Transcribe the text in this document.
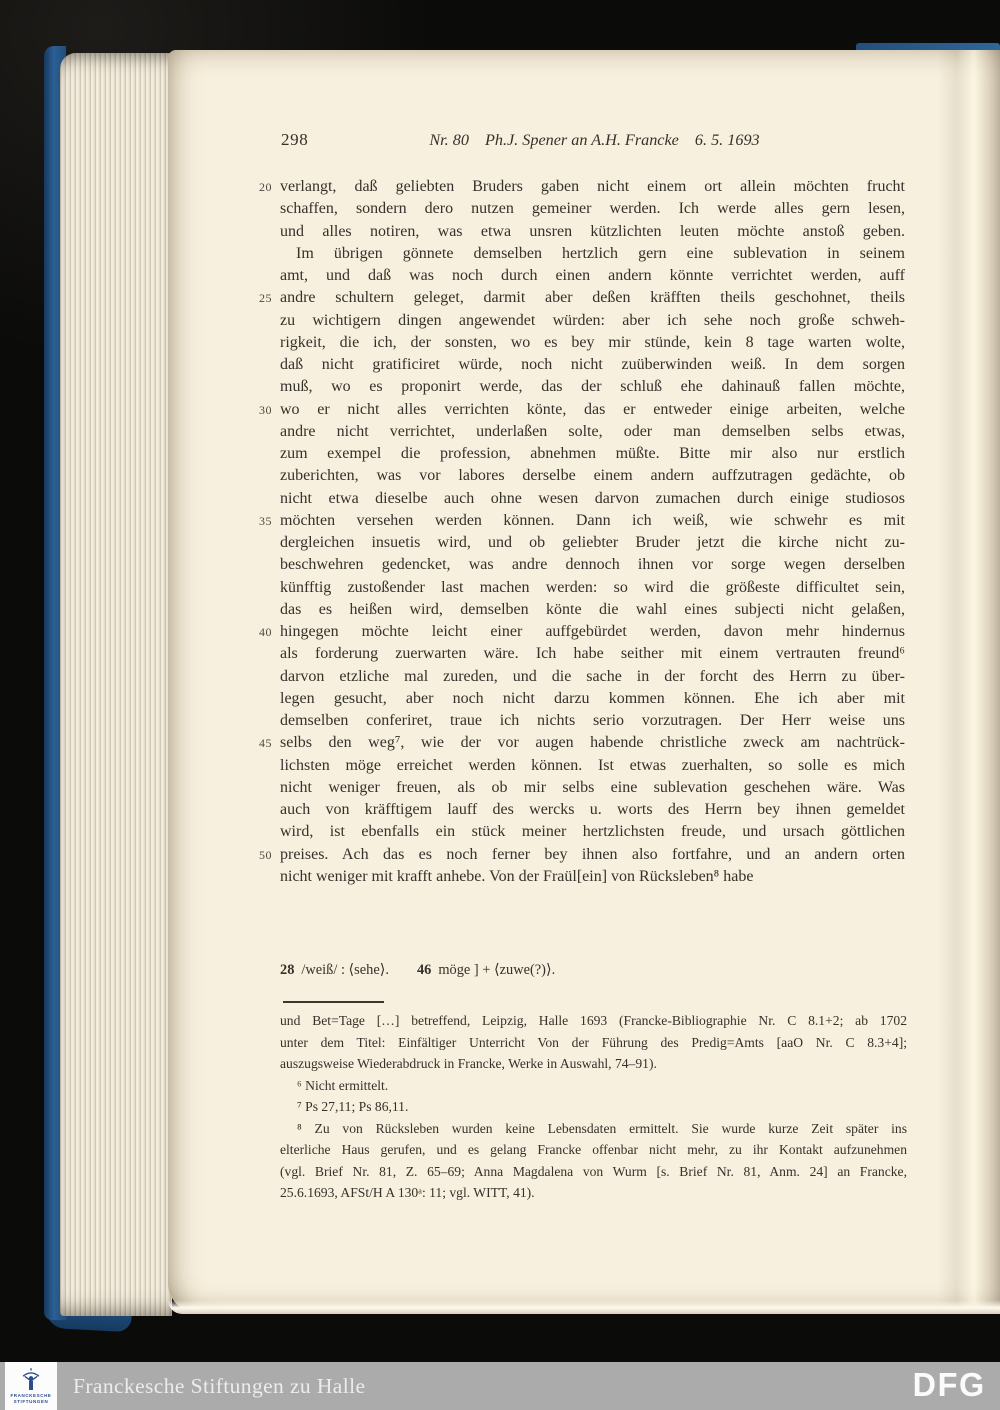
298	Nr. 80 Ph.J. Spener an A.H. Francke 6. 5. 1693
20 verlangt, daß geliebten Bruders gaben nicht einem ort allein möchten frucht
schaffen, sondern dero nutzen gemeiner werden. Ich werde alles gern lesen,
und alles notiren, was etwa unsren kützlichten leuten möchte anstoß geben.
Im übrigen gönnete demselben hertzlich gern eine sublevation in seinem
amt, und daß was noch durch einen andern könnte verrichtet werden, auff
25 andre schultern geleget, darmit aber deßen kräfften theils geschohnet, theils
zu wichtigern dingen angewendet würden: aber ich sehe noch große schweh-
rigkeit, die ich, der sonsten, wo es bey mir stünde, kein 8 tage warten wolte,
daß nicht gratificiret würde, noch nicht zuüberwinden weiß. In dem sorgen
muß, wo es proponirt werde, das der schluß ehe dahinauß fallen möchte,
30 wo er nicht alles verrichten könte, das er entweder einige arbeiten, welche
andre nicht verrichtet, underlaßen solte, oder man demselben selbs etwas,
zum exempel die profession, abnehmen müßte. Bitte mir also nur erstlich
zuberichten, was vor labores derselbe einem andern auffzutragen gedächte, ob
nicht etwa dieselbe auch ohne wesen darvon zumachen durch einige studiosos
35 möchten versehen werden können. Dann ich weiß, wie schwehr es mit
dergleichen insuetis wird, und ob geliebter Bruder jetzt die kirche nicht zu-
beschwehren gedencket, was andre dennoch ihnen vor sorge wegen derselben
künfftig zustoßender last machen werden: so wird die größeste difficultet sein,
das es heißen wird, demselben könte die wahl eines subjecti nicht gelaßen,
40 hingegen möchte leicht einer auffgebürdet werden, davon mehr hindernus
als forderung zuerwarten wäre. Ich habe seither mit einem vertrauten freund⁶
darvon etzliche mal zureden, und die sache in der forcht des Herrn zu über-
legen gesucht, aber noch nicht darzu kommen können. Ehe ich aber mit
demselben conferiret, traue ich nichts serio vorzutragen. Der Herr weise uns
45 selbs den weg⁷, wie der vor augen habende christliche zweck am nachtrück-
lichsten möge erreichet werden können. Ist etwas zuerhalten, so solle es mich
nicht weniger freuen, als ob mir selbs eine sublevation geschehen wäre. Was
auch von kräfftigem lauff des wercks u. worts des Herrn bey ihnen gemeldet
wird, ist ebenfalls ein stück meiner hertzlichsten freude, und ursach göttlichen
50 preises. Ach das es noch ferner bey ihnen also fortfahre, und an andern orten
nicht weniger mit krafft anhebe. Von der Fraül[ein] von Rücksleben⁸ habe
28 /weiß/ : ⟨sehe⟩. 46 möge ] + ⟨zuwe(?)⟩.
und Bet=Tage […] betreffend, Leipzig, Halle 1693 (Francke-Bibliographie Nr. C 8.1+2; ab 1702
unter dem Titel: Einfältiger Unterricht Von der Führung des Predig=Amts [aaO Nr. C 8.3+4];
auszugsweise Wiederabdruck in Francke, Werke in Auswahl, 74–91).
⁶ Nicht ermittelt.
⁷ Ps 27,11; Ps 86,11.
⁸ Zu von Rücksleben wurden keine Lebensdaten ermittelt. Sie wurde kurze Zeit später ins
elterliche Haus gerufen, und es gelang Francke offenbar nicht mehr, zu ihr Kontakt aufzunehmen
(vgl. Brief Nr. 81, Z. 65–69; Anna Magdalena von Wurm [s. Brief Nr. 81, Anm. 24] an Francke,
25.6.1693, AFSt/H A 130ᵃ: 11; vgl. WITT, 41).
FRANCKESCHE
STIFTUNGEN
Franckesche Stiftungen zu Halle	DFG
